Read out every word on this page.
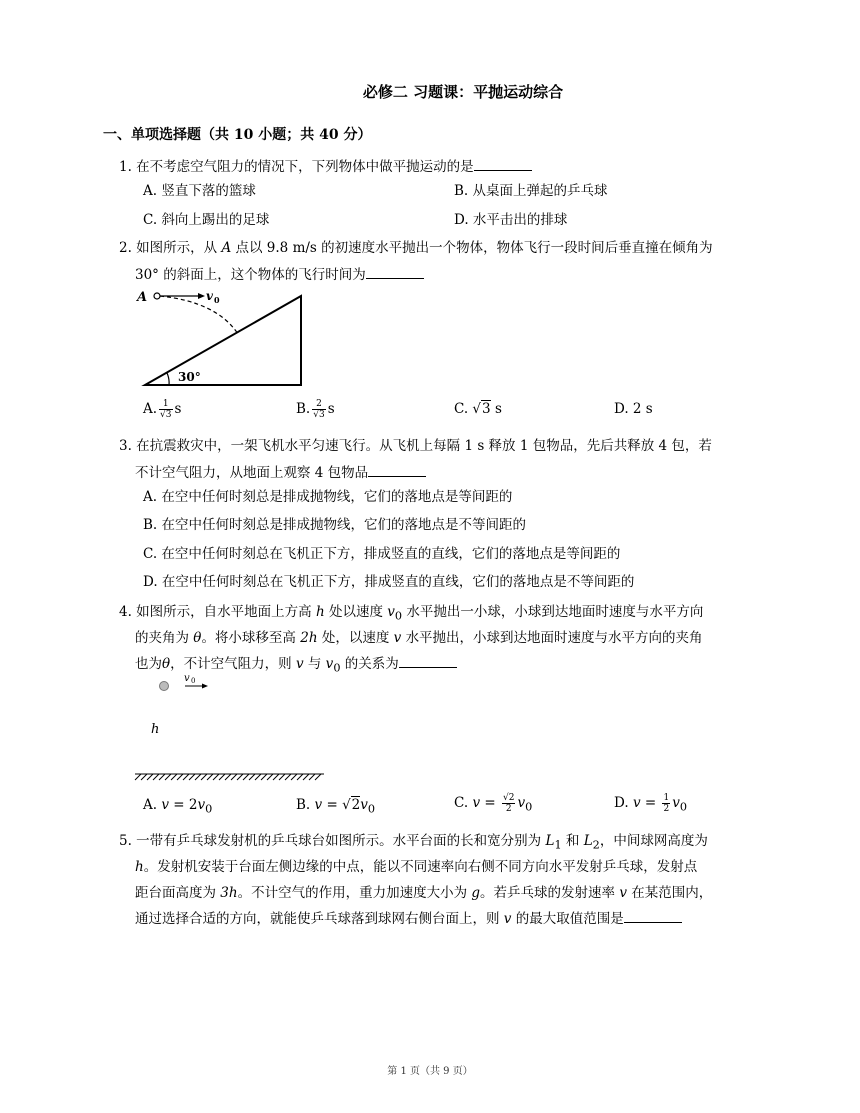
必修二 习题课：平抛运动综合
一、单项选择题（共 10 小题；共 40 分）
1. 在不考虑空气阻力的情况下，下列物体中做平抛运动的是
A. 竖直下落的篮球	B. 从桌面上弹起的乒乓球
C. 斜向上踢出的足球	D. 水平击出的排球
2. 如图所示，从 A 点以 9.8 m/s 的初速度水平抛出一个物体，物体飞行一段时间后垂直撞在倾角为
30° 的斜面上，这个物体的飞行时间为
A	v 0
30°
A. $\frac{1}{√3}$ s	B. $\frac{2}{√3}$ s	C. √3 s	D. 2 s
3. 在抗震救灾中，一架飞机水平匀速飞行。从飞机上每隔 1 s 释放 1 包物品，先后共释放 4 包，若
不计空气阻力，从地面上观察 4 包物品
A. 在空中任何时刻总是排成抛物线，它们的落地点是等间距的
B. 在空中任何时刻总是排成抛物线，它们的落地点是不等间距的
C. 在空中任何时刻总在飞机正下方，排成竖直的直线，它们的落地点是等间距的
D. 在空中任何时刻总在飞机正下方，排成竖直的直线，它们的落地点是不等间距的
4. 如图所示，自水平地面上方高 h 处以速度 $v_0$ 水平抛出一小球，小球到达地面时速度与水平方向
的夹角为 θ。将小球移至高 2h 处，以速度 v 水平抛出，小球到达地面时速度与水平方向的夹角
也为θ，不计空气阻力，则 v 与 $v_0$ 的关系为
v 0
h
A. $v = 2v_0$	B. $v = √2v_0$	C. $v = \frac{√2}{2} v_0$	D. $v = \frac{1}{2} v_0$
5. 一带有乒乓球发射机的乒乓球台如图所示。水平台面的长和宽分别为 $L_1$ 和 $L_2$，中间球网高度为
h。发射机安装于台面左侧边缘的中点，能以不同速率向右侧不同方向水平发射乒乓球，发射点
距台面高度为 3h。不计空气的作用，重力加速度大小为 g。若乒乓球的发射速率 v 在某范围内，
通过选择合适的方向，就能使乒乓球落到球网右侧台面上，则 v 的最大取值范围是
第 1 页（共 9 页）
